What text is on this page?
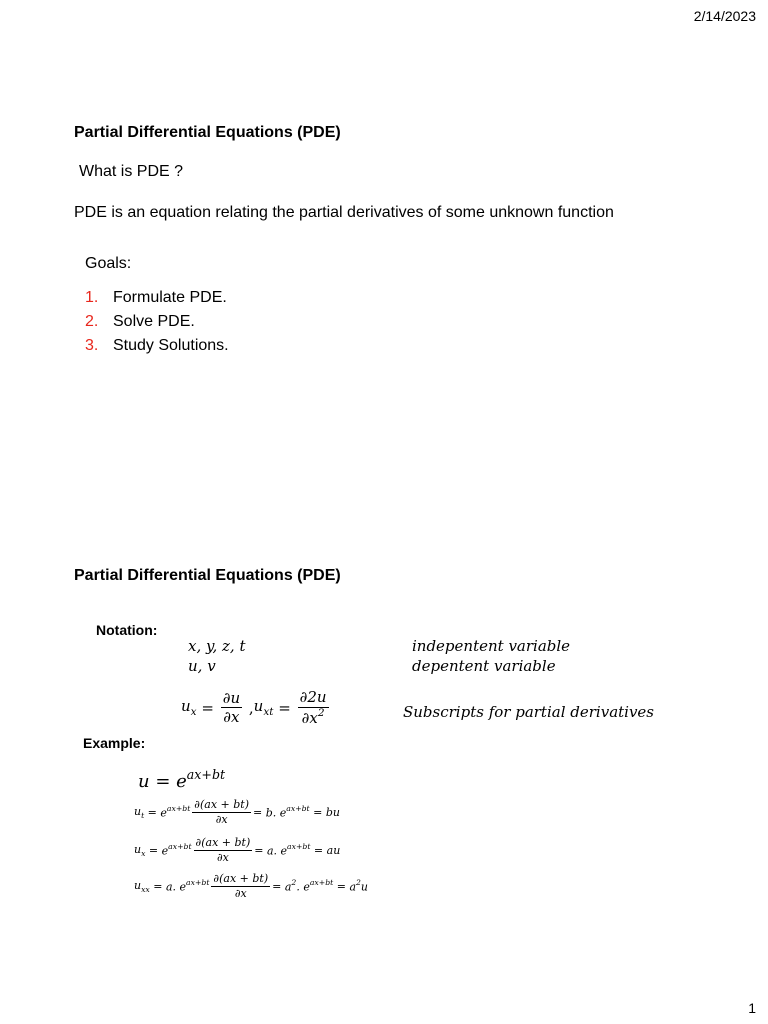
2/14/2023
1
Partial Differential Equations (PDE)
What is PDE ?
PDE is an equation relating the partial derivatives of some unknown function
Goals:
1. Formulate PDE.
2. Solve PDE.
3. Study Solutions.
Partial Differential Equations (PDE)
Notation:
x, y, z, t	indepentent variable
u, v	depentent variable
$u_x = \frac{\partial u}{\partial x}$ , $u_{xt} = \frac{\partial 2u}{\partial x^2}$	Subscripts for partial derivatives
Example:
$u = e^{ax+bt}$
$u_t = e^{ax+bt} \frac{\partial(ax + bt)}{\partial x} = b$. $e^{ax+bt}$ = bu
$u_x = e^{ax+bt} \frac{\partial(ax + bt)}{\partial x} = a$. $e^{ax+bt}$ = au
$u_{xx} = a$. $e^{ax+bt} \frac{\partial(ax + bt)}{\partial x} = a^2$. $e^{ax+bt} = a^2u$
